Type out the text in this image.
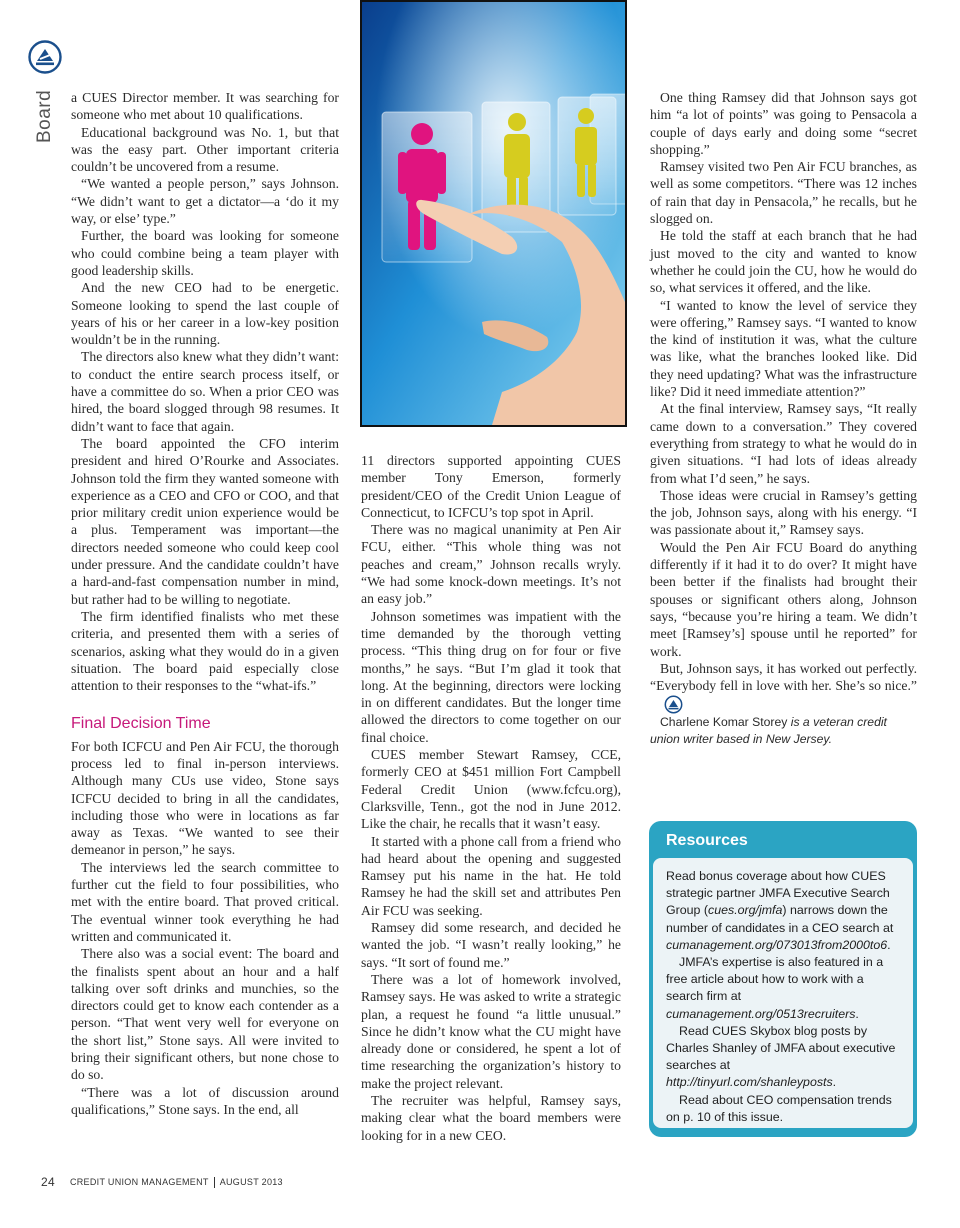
Board a CUES Director member. It was searching for someone who met about 10 qualifications.

Educational background was No. 1, but that was the easy part. Other important criteria couldn’t be uncovered from a resume.

“We wanted a people person,” says Johnson. “We didn’t want to get a dictator—a ‘do it my way, or else’ type.”

Further, the board was looking for someone who could combine being a team player with good leadership skills.

And the new CEO had to be energetic. Someone looking to spend the last couple of years of his or her career in a low-key position wouldn’t be in the running.

The directors also knew what they didn’t want: to conduct the entire search process itself, or have a committee do so. When a prior CEO was hired, the board slogged through 98 resumes. It didn’t want to face that again.

The board appointed the CFO interim president and hired O’Rourke and Associates. Johnson told the firm they wanted someone with experience as a CEO and CFO or COO, and that prior military credit union experience would be a plus. Temperament was important—the directors needed someone who could keep cool under pressure. And the candidate couldn’t have a hard-and-fast compensation number in mind, but rather had to be willing to negotiate.

The firm identified finalists who met these criteria, and presented them with a series of scenarios, asking what they would do in a given situation. The board paid especially close attention to their responses to the “what-ifs.”

Final Decision Time

For both ICFCU and Pen Air FCU, the thorough process led to final in-person interviews. Although many CUs use video, Stone says ICFCU decided to bring in all the candidates, including those who were in locations as far away as Texas. “We wanted to see their demeanor in person,” he says.

The interviews led the search committee to further cut the field to four possibilities, who met with the entire board. That proved critical. The eventual winner took everything he had written and communicated it.

There also was a social event: The board and the finalists spent about an hour and a half talking over soft drinks and munchies, so the directors could get to know each contender as a person. “That went very well for everyone on the short list,” Stone says. All were invited to bring their significant others, but none chose to do so.

“There was a lot of discussion around qualifications,” Stone says. In the end, all

11 directors supported appointing CUES member Tony Emerson, formerly president/CEO of the Credit Union League of Connecticut, to ICFCU’s top spot in April.

There was no magical unanimity at Pen Air FCU, either. “This whole thing was not peaches and cream,” Johnson recalls wryly. “We had some knock-down meetings. It’s not an easy job.”

Johnson sometimes was impatient with the time demanded by the thorough vetting process. “This thing drug on for four or five months,” he says. “But I’m glad it took that long. At the beginning, directors were locking in on different candidates. But the longer time allowed the directors to come together on our final choice.

CUES member Stewart Ramsey, CCE, formerly CEO at $451 million Fort Campbell Federal Credit Union (www.fcfcu.org), Clarksville, Tenn., got the nod in June 2012. Like the chair, he recalls that it wasn’t easy.

It started with a phone call from a friend who had heard about the opening and suggested Ramsey put his name in the hat. He told Ramsey he had the skill set and attributes Pen Air FCU was seeking.

Ramsey did some research, and decided he wanted the job. “I wasn’t really looking,” he says. “It sort of found me.”

There was a lot of homework involved, Ramsey says. He was asked to write a strategic plan, a request he found “a little unusual.” Since he didn’t know what the CU might have already done or considered, he spent a lot of time researching the organization’s history to make the project relevant.

The recruiter was helpful, Ramsey says, making clear what the board members were looking for in a new CEO.

One thing Ramsey did that Johnson says got him “a lot of points” was going to Pensacola a couple of days early and doing some “secret shopping.”

Ramsey visited two Pen Air FCU branches, as well as some competitors. “There was 12 inches of rain that day in Pensacola,” he recalls, but he slogged on.

He told the staff at each branch that he had just moved to the city and wanted to know whether he could join the CU, how he would do so, what services it offered, and the like.

“I wanted to know the level of service they were offering,” Ramsey says. “I wanted to know the kind of institution it was, what the culture was like, what the branches looked like. Did they need updating? What was the infrastructure like? Did it need immediate attention?”

At the final interview, Ramsey says, “It really came down to a conversation.” They covered everything from strategy to what he would do in given situations. “I had lots of ideas already from what I’d seen,” he says.

Those ideas were crucial in Ramsey’s getting the job, Johnson says, along with his energy. “I was passionate about it,” Ramsey says.

Would the Pen Air FCU Board do anything differently if it had it to do over? It might have been better if the finalists had brought their spouses or significant others along, Johnson says, “because you’re hiring a team. We didn’t meet [Ramsey’s] spouse until he reported” for work.

But, Johnson says, it has worked out perfectly. “Everybody fell in love with her. She’s so nice.”

Charlene Komar Storey is a veteran credit union writer based in New Jersey.

Resources

Read bonus coverage about how CUES strategic partner JMFA Executive Search Group (cues.org/jmfa) narrows down the number of candidates in a CEO search at cumanagement.org/073013from2000to6.

JMFA’s expertise is also featured in a free article about how to work with a search firm at cumanagement.org/0513recruiters.

Read CUES Skybox blog posts by Charles Shanley of JMFA about executive searches at http://tinyurl.com/shanleyposts.

Read about CEO compensation trends on p. 10 of this issue.

24 CREDIT UNION MANAGEMENT AUGUST 2013
